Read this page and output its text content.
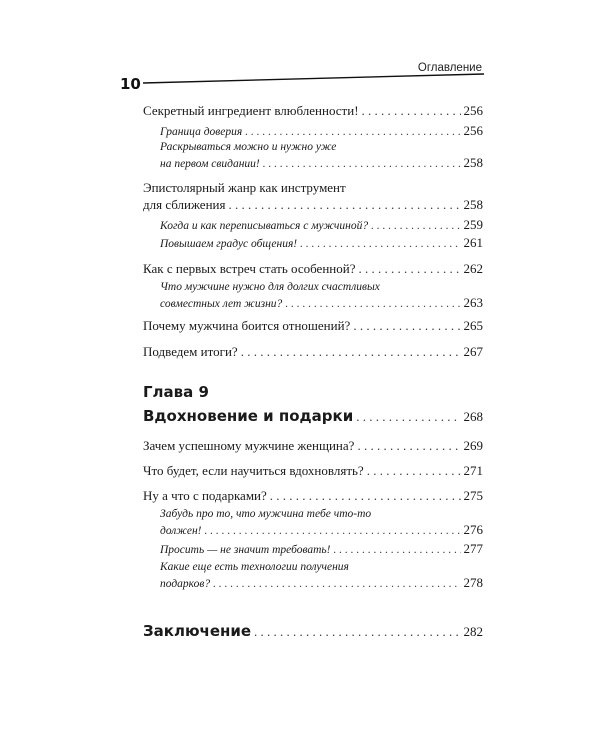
Оглавление
10
Секретный ингредиент влюбленности! . . .	256
Граница доверия . . .	256
Раскрываться можно и нужно уже
на первом свидании! . . .	258
Эпистолярный жанр как инструмент
для сближения . . .	258
Когда и как переписываться с мужчиной? . . .	259
Повышаем градус общения! . . .	261
Как с первых встреч стать особенной? . . .	262
Что мужчине нужно для долгих счастливых
совместных лет жизни? . . .	263
Почему мужчина боится отношений? . . .	265
Подведем итоги? . . .	267
Глава 9
Вдохновение и подарки . . .	268
Зачем успешному мужчине женщина? . . .	269
Что будет, если научиться вдохновлять? . . .	271
Ну а что с подарками? . . .	275
Забудь про то, что мужчина тебе что-то
должен! . . .	276
Просить — не значит требовать! . . .	277
Какие еще есть технологии получения
подарков? . . .	278
Заключение . . .	282
